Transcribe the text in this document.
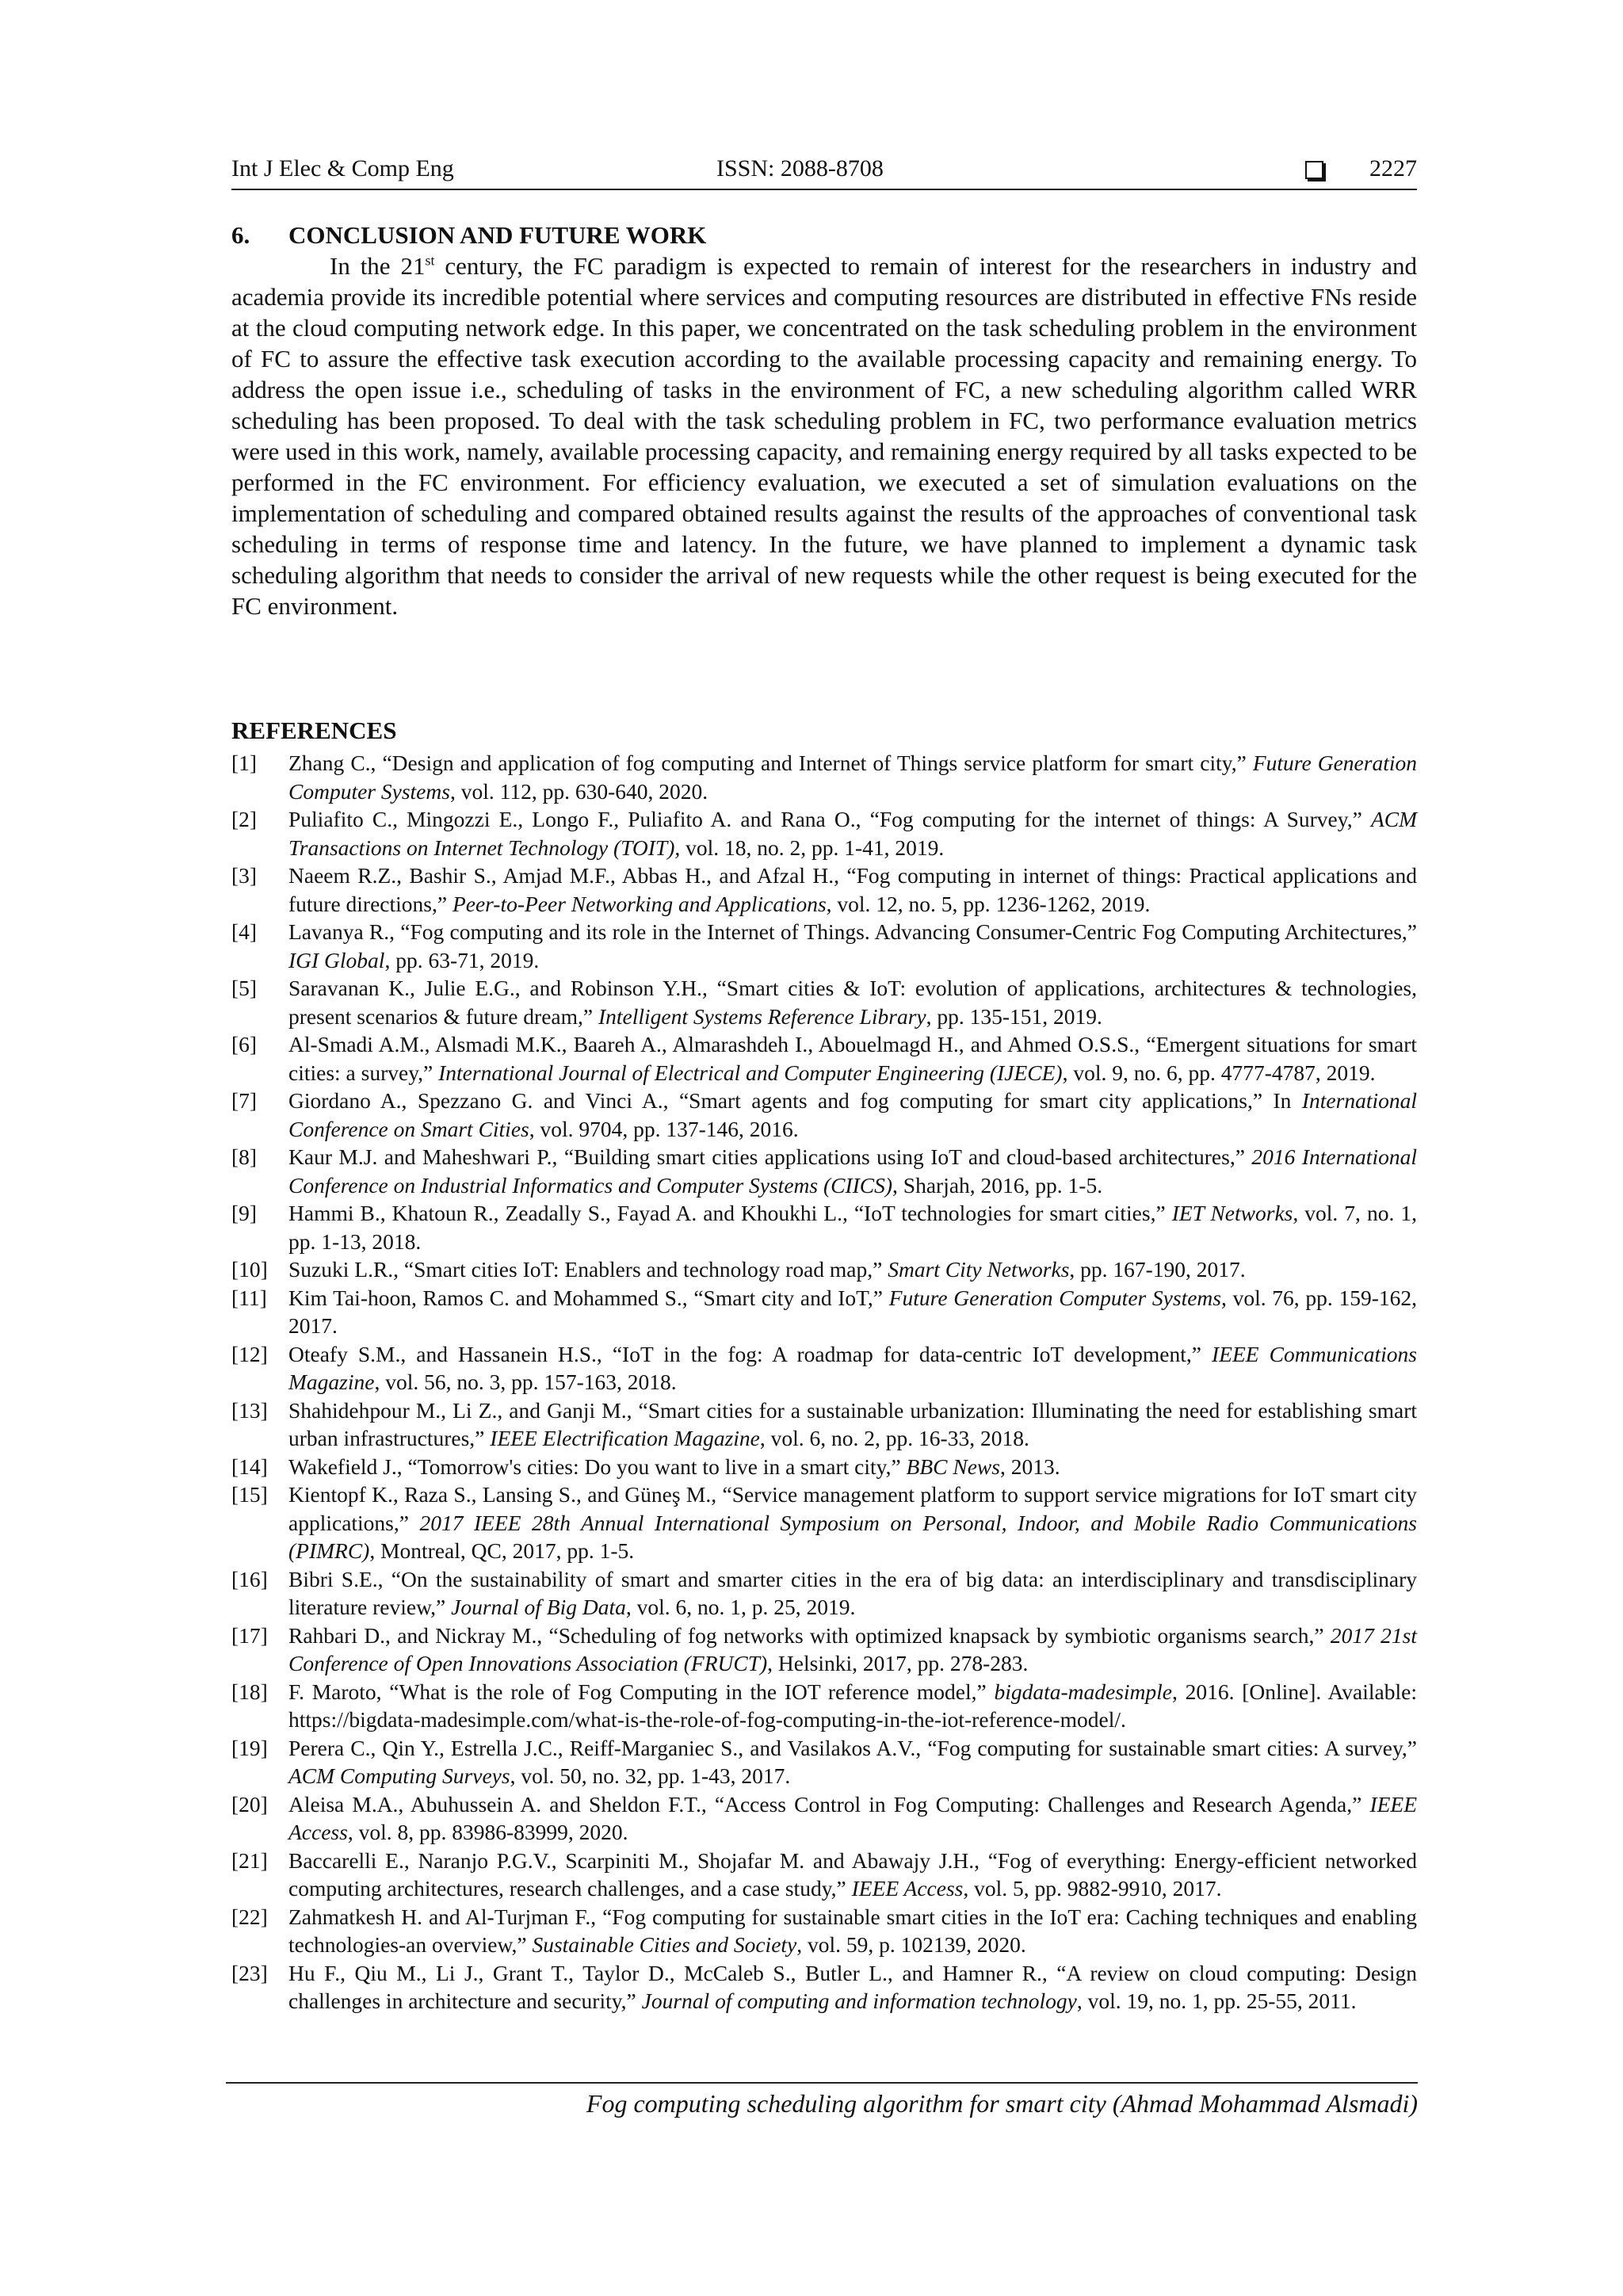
Int J Elec & Comp Eng	ISSN: 2088-8708	2227
6. CONCLUSION AND FUTURE WORK

In the 21st century, the FC paradigm is expected to remain of interest for the researchers in industry and academia provide its incredible potential where services and computing resources are distributed in effective FNs reside at the cloud computing network edge. In this paper, we concentrated on the task scheduling problem in the environment of FC to assure the effective task execution according to the available processing capacity and remaining energy. To address the open issue i.e., scheduling of tasks in the environment of FC, a new scheduling algorithm called WRR scheduling has been proposed. To deal with the task scheduling problem in FC, two performance evaluation metrics were used in this work, namely, available processing capacity, and remaining energy required by all tasks expected to be performed in the FC environment. For efficiency evaluation, we executed a set of simulation evaluations on the implementation of scheduling and compared obtained results against the results of the approaches of conventional task scheduling in terms of response time and latency. In the future, we have planned to implement a dynamic task scheduling algorithm that needs to consider the arrival of new requests while the other request is being executed for the FC environment.

REFERENCES
[1] Zhang C., “Design and application of fog computing and Internet of Things service platform for smart city,” Future Generation Computer Systems, vol. 112, pp. 630-640, 2020.
[2] Puliafito C., Mingozzi E., Longo F., Puliafito A. and Rana O., “Fog computing for the internet of things: A Survey,” ACM Transactions on Internet Technology (TOIT), vol. 18, no. 2, pp. 1-41, 2019.
[3] Naeem R.Z., Bashir S., Amjad M.F., Abbas H., and Afzal H., “Fog computing in internet of things: Practical applications and future directions,” Peer-to-Peer Networking and Applications, vol. 12, no. 5, pp. 1236-1262, 2019.
[4] Lavanya R., “Fog computing and its role in the Internet of Things. Advancing Consumer-Centric Fog Computing Architectures,” IGI Global, pp. 63-71, 2019.
[5] Saravanan K., Julie E.G., and Robinson Y.H., “Smart cities & IoT: evolution of applications, architectures & technologies, present scenarios & future dream,” Intelligent Systems Reference Library, pp. 135-151, 2019.
[6] Al-Smadi A.M., Alsmadi M.K., Baareh A., Almarashdeh I., Abouelmagd H., and Ahmed O.S.S., “Emergent situations for smart cities: a survey,” International Journal of Electrical and Computer Engineering (IJECE), vol. 9, no. 6, pp. 4777-4787, 2019.
[7] Giordano A., Spezzano G. and Vinci A., “Smart agents and fog computing for smart city applications,” In International Conference on Smart Cities, vol. 9704, pp. 137-146, 2016.
[8] Kaur M.J. and Maheshwari P., “Building smart cities applications using IoT and cloud-based architectures,” 2016 International Conference on Industrial Informatics and Computer Systems (CIICS), Sharjah, 2016, pp. 1-5.
[9] Hammi B., Khatoun R., Zeadally S., Fayad A. and Khoukhi L., “IoT technologies for smart cities,” IET Networks, vol. 7, no. 1, pp. 1-13, 2018.
[10] Suzuki L.R., “Smart cities IoT: Enablers and technology road map,” Smart City Networks, pp. 167-190, 2017.
[11] Kim Tai-hoon, Ramos C. and Mohammed S., “Smart city and IoT,” Future Generation Computer Systems, vol. 76, pp. 159-162, 2017.
[12] Oteafy S.M., and Hassanein H.S., “IoT in the fog: A roadmap for data-centric IoT development,” IEEE Communications Magazine, vol. 56, no. 3, pp. 157-163, 2018.
[13] Shahidehpour M., Li Z., and Ganji M., “Smart cities for a sustainable urbanization: Illuminating the need for establishing smart urban infrastructures,” IEEE Electrification Magazine, vol. 6, no. 2, pp. 16-33, 2018.
[14] Wakefield J., “Tomorrow's cities: Do you want to live in a smart city,” BBC News, 2013.
[15] Kientopf K., Raza S., Lansing S., and Güneş M., “Service management platform to support service migrations for IoT smart city applications,” 2017 IEEE 28th Annual International Symposium on Personal, Indoor, and Mobile Radio Communications (PIMRC), Montreal, QC, 2017, pp. 1-5.
[16] Bibri S.E., “On the sustainability of smart and smarter cities in the era of big data: an interdisciplinary and transdisciplinary literature review,” Journal of Big Data, vol. 6, no. 1, p. 25, 2019.
[17] Rahbari D., and Nickray M., “Scheduling of fog networks with optimized knapsack by symbiotic organisms search,” 2017 21st Conference of Open Innovations Association (FRUCT), Helsinki, 2017, pp. 278-283.
[18] F. Maroto, “What is the role of Fog Computing in the IOT reference model,” bigdata-madesimple, 2016. [Online]. Available: https://bigdata-madesimple.com/what-is-the-role-of-fog-computing-in-the-iot-reference-model/.
[19] Perera C., Qin Y., Estrella J.C., Reiff-Marganiec S., and Vasilakos A.V., “Fog computing for sustainable smart cities: A survey,” ACM Computing Surveys, vol. 50, no. 32, pp. 1-43, 2017.
[20] Aleisa M.A., Abuhussein A. and Sheldon F.T., “Access Control in Fog Computing: Challenges and Research Agenda,” IEEE Access, vol. 8, pp. 83986-83999, 2020.
[21] Baccarelli E., Naranjo P.G.V., Scarpiniti M., Shojafar M. and Abawajy J.H., “Fog of everything: Energy-efficient networked computing architectures, research challenges, and a case study,” IEEE Access, vol. 5, pp. 9882-9910, 2017.
[22] Zahmatkesh H. and Al-Turjman F., “Fog computing for sustainable smart cities in the IoT era: Caching techniques and enabling technologies-an overview,” Sustainable Cities and Society, vol. 59, p. 102139, 2020.
[23] Hu F., Qiu M., Li J., Grant T., Taylor D., McCaleb S., Butler L., and Hamner R., “A review on cloud computing: Design challenges in architecture and security,” Journal of computing and information technology, vol. 19, no. 1, pp. 25-55, 2011.
Fog computing scheduling algorithm for smart city (Ahmad Mohammad Alsmadi)
